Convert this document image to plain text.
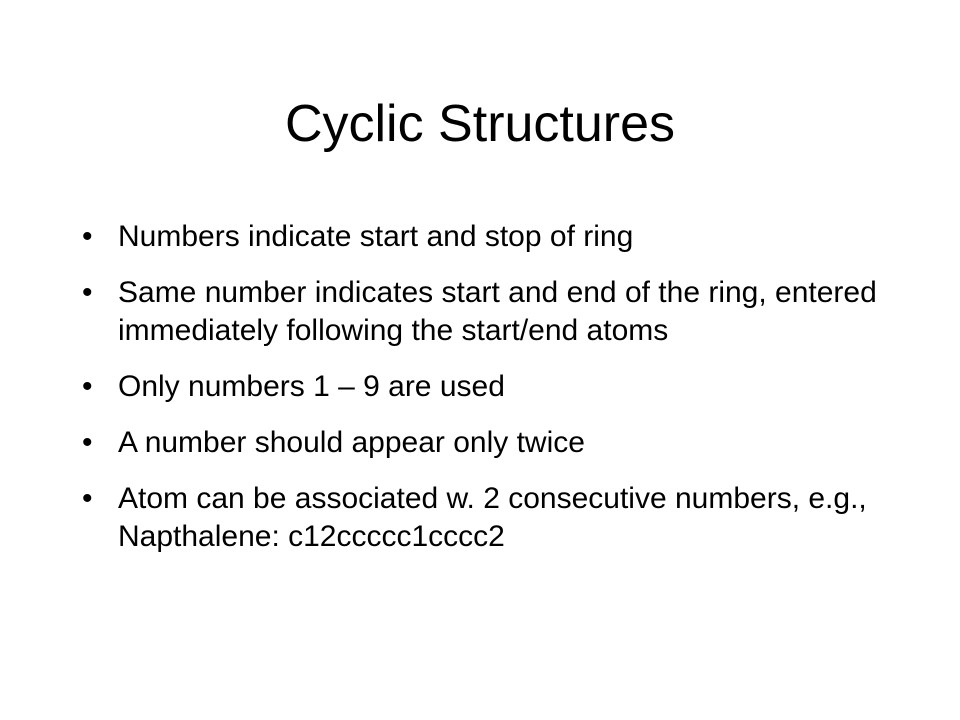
Cyclic Structures
• Numbers indicate start and stop of ring
• Same number indicates start and end of the ring, entered immediately following the start/end atoms
• Only numbers 1 – 9 are used
• A number should appear only twice
• Atom can be associated w. 2 consecutive numbers, e.g., Napthalene: c12ccccc1cccc2
